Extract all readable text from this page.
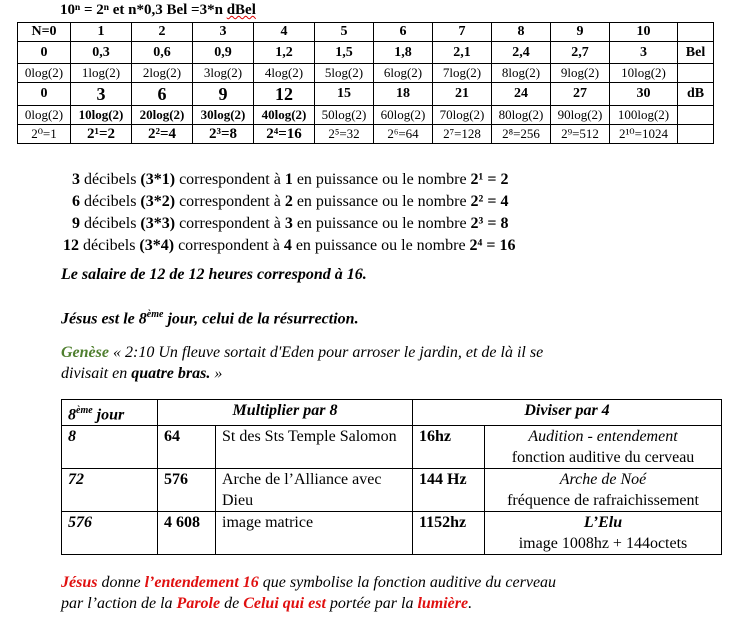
10ⁿ = 2ⁿ et n*0,3 Bel =3*n dBel
N=0	1	2	3	4	5	6	7	8	9	10	
0	0,3	0,6	0,9	1,2	1,5	1,8	2,1	2,4	2,7	3	Bel
0log(2)	1log(2)	2log(2)	3log(2)	4log(2)	5log(2)	6log(2)	7log(2)	8log(2)	9log(2)	10log(2)	
0	3	6	9	12	15	18	21	24	27	30	dB
0log(2)	10log(2)	20log(2)	30log(2)	40log(2)	50log(2)	60log(2)	70log(2)	80log(2)	90log(2)	100log(2)	
2⁰=1	2¹=2	2²=4	2³=8	2⁴=16	2⁵=32	2⁶=64	2⁷=128	2⁸=256	2⁹=512	2¹⁰=1024	
3 décibels (3*1) correspondent à 1 en puissance ou le nombre 2¹ = 2
6 décibels (3*2) correspondent à 2 en puissance ou le nombre 2² = 4
9 décibels (3*3) correspondent à 3 en puissance ou le nombre 2³ = 8
12 décibels (3*4) correspondent à 4 en puissance ou le nombre 2⁴ = 16
Le salaire de 12 de 12 heures correspond à 16.
Jésus est le 8ème jour, celui de la résurrection.
Genèse « 2:10 Un fleuve sortait d'Eden pour arroser le jardin, et de là il se
divisait en quatre bras. »
8ème jour	Multiplier par 8		Diviser par 4	
8	64	St des Sts Temple Salomon	16hz	Audition - entendement
fonction auditive du cerveau

72	576	Arche de l’Alliance avec Dieu	144 Hz	Arche de Noé
fréquence de rafraichissement

576	4 608	image matrice	1152hz	L’Elu
image 1008hz + 144octets
Jésus donne l’entendement 16 que symbolise la fonction auditive du cerveau
par l’action de la Parole de Celui qui est portée par la lumière.
